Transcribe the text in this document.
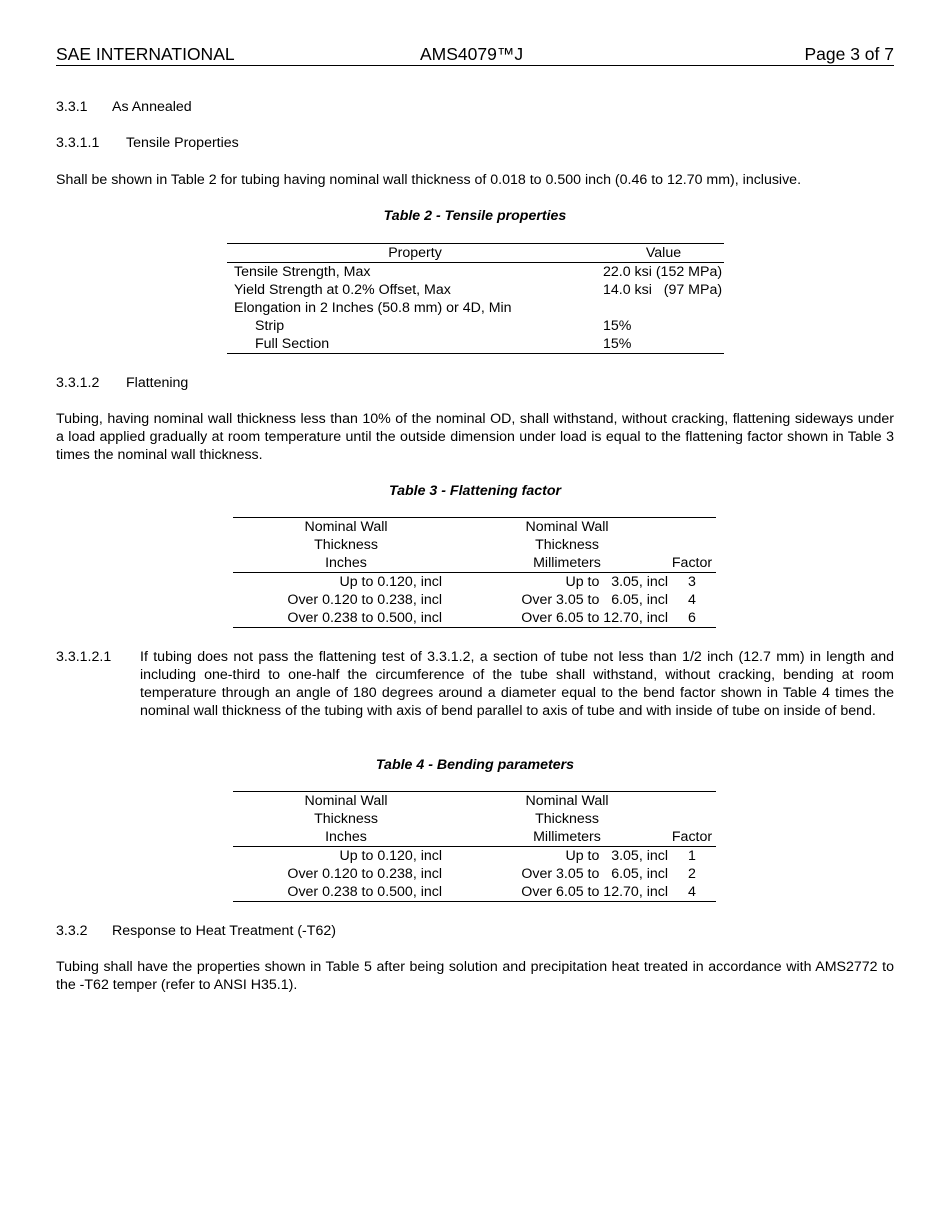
SAE INTERNATIONAL	AMS4079™J	Page 3 of 7
3.3.1 As Annealed
3.3.1.1 Tensile Properties
Shall be shown in Table 2 for tubing having nominal wall thickness of 0.018 to 0.500 inch (0.46 to 12.70 mm), inclusive.
Table 2 - Tensile properties
Property	Value
Tensile Strength, Max	22.0 ksi (152 MPa)
Yield Strength at 0.2% Offset, Max	14.0 ksi   (97 MPa)
Elongation in 2 Inches (50.8 mm) or 4D, Min	
Strip	15%
Full Section	15%
3.3.1.2 Flattening
Tubing, having nominal wall thickness less than 10% of the nominal OD, shall withstand, without cracking, flattening sideways under a load applied gradually at room temperature until the outside dimension under load is equal to the flattening factor shown in Table 3 times the nominal wall thickness.
Table 3 - Flattening factor
Nominal Wall	Nominal Wall	
Thickness	Thickness	
Inches	Millimeters	Factor
Up to 0.120, incl	Up to   3.05, incl	3
Over 0.120 to 0.238, incl	Over 3.05 to   6.05, incl	4
Over 0.238 to 0.500, incl	Over 6.05 to 12.70, incl	6
3.3.1.2.1 If tubing does not pass the flattening test of 3.3.1.2, a section of tube not less than 1/2 inch (12.7 mm) in length and including one-third to one-half the circumference of the tube shall withstand, without cracking, bending at room temperature through an angle of 180 degrees around a diameter equal to the bend factor shown in Table 4 times the nominal wall thickness of the tubing with axis of bend parallel to axis of tube and with inside of tube on inside of bend.
Table 4 - Bending parameters
Nominal Wall	Nominal Wall	
Thickness	Thickness	
Inches	Millimeters	Factor
Up to 0.120, incl	Up to   3.05, incl	1
Over 0.120 to 0.238, incl	Over 3.05 to   6.05, incl	2
Over 0.238 to 0.500, incl	Over 6.05 to 12.70, incl	4
3.3.2 Response to Heat Treatment (-T62)
Tubing shall have the properties shown in Table 5 after being solution and precipitation heat treated in accordance with AMS2772 to the -T62 temper (refer to ANSI H35.1).
